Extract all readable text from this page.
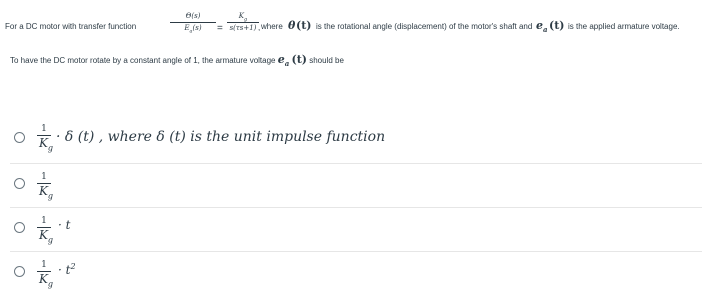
For a DC motor with transfer function
Θ(s)
$E_a(s)$	=
$K_g$
s(τs+1) , where θ (t) is the rotational angle (displacement) of the motor's shaft and $e_a$ (t) is the applied armature voltage.
To have the DC motor rotate by a constant angle of 1, the armature voltage $e_a$ (t) should be
1
$K_g$
· δ (t) , where δ (t) is the unit impulse function
1
$K_g$
1
$K_g$
· t
1
$K_g$
· $t^2$
